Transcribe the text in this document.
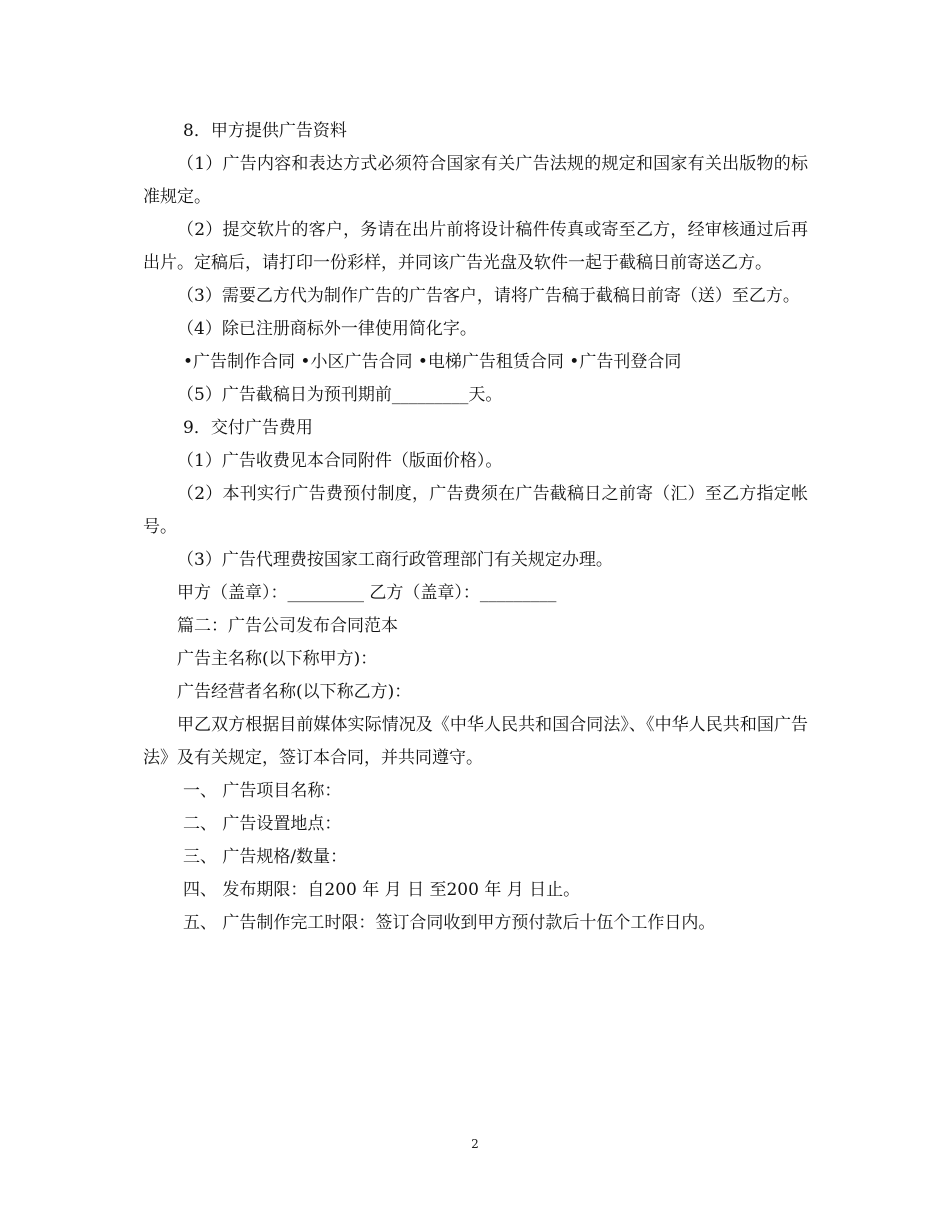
8．甲方提供广告资料

（1）广告内容和表达方式必须符合国家有关广告法规的规定和国家有关出版物的标准规定。

（2）提交软片的客户，务请在出片前将设计稿件传真或寄至乙方，经审核通过后再出片。定稿后，请打印一份彩样，并同该广告光盘及软件一起于截稿日前寄送乙方。

（3）需要乙方代为制作广告的广告客户，请将广告稿于截稿日前寄（送）至乙方。

（4）除已注册商标外一律使用简化字。

•广告制作合同 •小区广告合同 •电梯广告租赁合同 •广告刊登合同

（5）广告截稿日为预刊期前_________天。

9．交付广告费用

（1）广告收费见本合同附件（版面价格）。

（2）本刊实行广告费预付制度，广告费须在广告截稿日之前寄（汇）至乙方指定帐号。

（3）广告代理费按国家工商行政管理部门有关规定办理。

甲方（盖章）：_________ 乙方（盖章）：_________

篇二：广告公司发布合同范本

广告主名称(以下称甲方)：

广告经营者名称(以下称乙方)：

甲乙双方根据目前媒体实际情况及《中华人民共和国合同法》、《中华人民共和国广告法》及有关规定，签订本合同，并共同遵守。

一、 广告项目名称：

二、 广告设置地点：

三、 广告规格/数量：

四、 发布期限：自200 年 月 日 至200 年 月 日止。

五、 广告制作完工时限：签订合同收到甲方预付款后十伍个工作日内。

2
